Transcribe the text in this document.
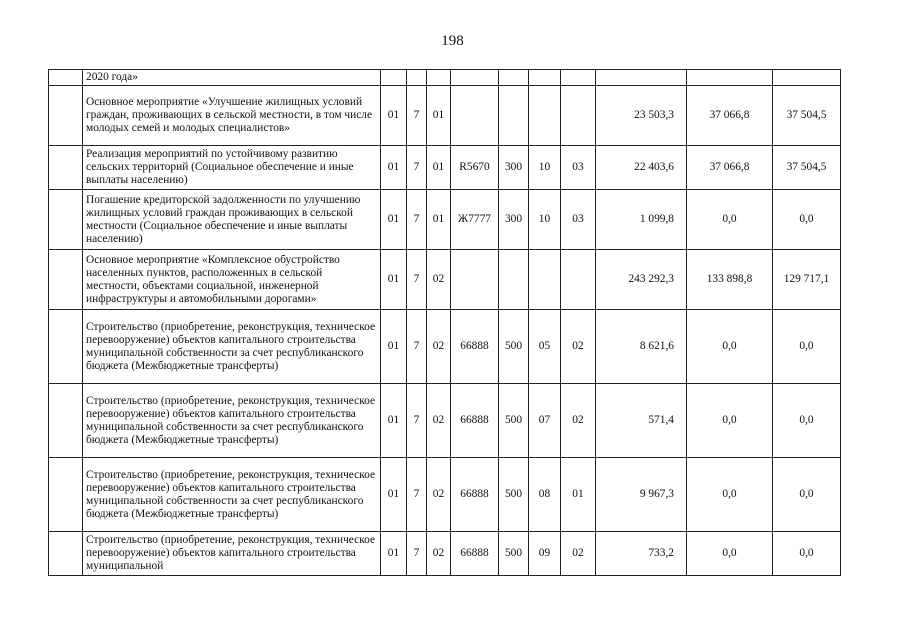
198
	2020 года»										
	Основное мероприятие «Улучшение жилищных условий граждан, проживающих в сельской местности, в том числе молодых семей и молодых специалистов»	01	7	01					23 503,3	37 066,8	37 504,5
	Реализация мероприятий по устойчивому развитию сельских территорий (Социальное обеспечение и иные выплаты населению)	01	7	01	R5670	300	10	03	22 403,6	37 066,8	37 504,5
	Погашение кредиторской задолженности по улучшению жилищных условий граждан проживающих в сельской местности (Социальное обеспечение и иные выплаты населению)	01	7	01	Ж7777	300	10	03	1 099,8	0,0	0,0
	Основное мероприятие «Комплексное обустройство населенных пунктов, расположенных в сельской местности, объектами социальной, инженерной инфраструктуры и автомобильными дорогами»	01	7	02					243 292,3	133 898,8	129 717,1
	Строительство (приобретение, реконструкция, техническое перевооружение) объектов капитального строительства муниципальной собственности за счет республиканского бюджета (Межбюджетные трансферты)	01	7	02	66888	500	05	02	8 621,6	0,0	0,0
	Строительство (приобретение, реконструкция, техническое перевооружение) объектов капитального строительства муниципальной собственности за счет республиканского бюджета (Межбюджетные трансферты)	01	7	02	66888	500	07	02	571,4	0,0	0,0
	Строительство (приобретение, реконструкция, техническое перевооружение) объектов капитального строительства муниципальной собственности за счет республиканского бюджета (Межбюджетные трансферты)	01	7	02	66888	500	08	01	9 967,3	0,0	0,0
	Строительство (приобретение, реконструкция, техническое перевооружение) объектов капитального строительства муниципальной	01	7	02	66888	500	09	02	733,2	0,0	0,0
